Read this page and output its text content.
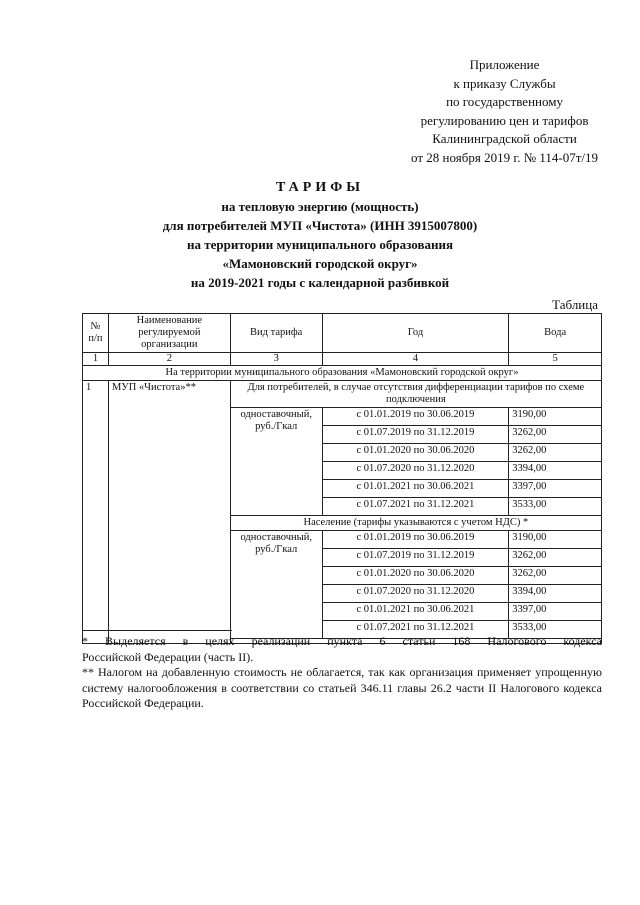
Приложение
к приказу Службы
по государственному
регулированию цен и тарифов
Калининградской области
от 28 ноября 2019 г. № 114-07т/19
ТАРИФЫ
на тепловую энергию (мощность)
для потребителей МУП «Чистота» (ИНН 3915007800)
на территории муниципального образования
«Мамоновский городской округ»
на 2019-2021 годы с календарной разбивкой
Таблица
№ п/п	Наименование регулируемой организации	Вид тарифа	Год	Вода
1	2	3	4	5
На территории муниципального образования «Мамоновский городской округ»				
1	МУП «Чистота»**	Для потребителей, в случае отсутствия дифференциации тарифов по схеме подключения		
		одноставочный, руб./Гкал	с 01.01.2019 по 30.06.2019	3190,00
			с 01.07.2019 по 31.12.2019	3262,00
			с 01.01.2020 по 30.06.2020	3262,00
			с 01.07.2020 по 31.12.2020	3394,00
			с 01.01.2021 по 30.06.2021	3397,00
			с 01.07.2021 по 31.12.2021	3533,00
		Население (тарифы указываются с учетом НДС) *		
		одноставочный, руб./Гкал	с 01.01.2019 по 30.06.2019	3190,00
			с 01.07.2019 по 31.12.2019	3262,00
			с 01.01.2020 по 30.06.2020	3262,00
			с 01.07.2020 по 31.12.2020	3394,00
			с 01.01.2021 по 30.06.2021	3397,00
			с 01.07.2021 по 31.12.2021	3533,00

* Выделяется в целях реализации пункта 6 статьи 168 Налогового кодекса

Российской Федерации (часть II).

** Налогом на добавленную стоимость не облагается, так как организация применяет упрощенную систему налогообложения в соответствии со статьей 346.11 главы 26.2 части II Налогового кодекса Российской Федерации.
